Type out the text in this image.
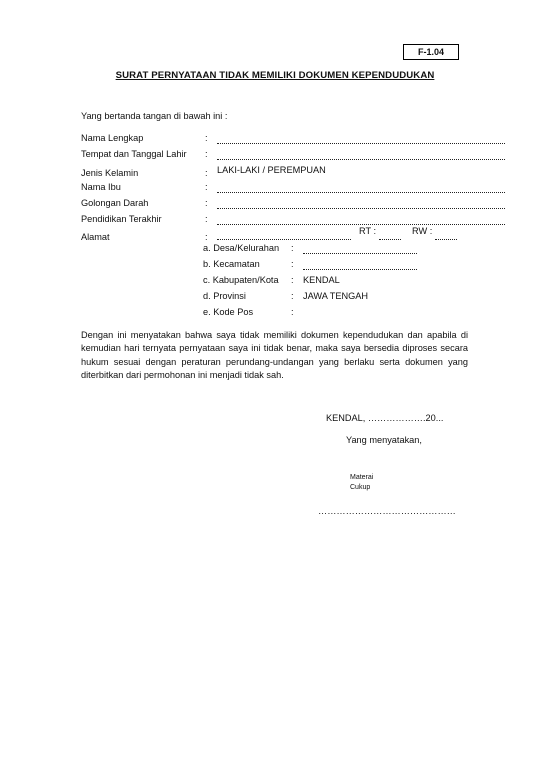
F-1.04
SURAT PERNYATAAN TIDAK MEMILIKI DOKUMEN KEPENDUDUKAN
Yang bertanda tangan di bawah ini :
Nama Lengkap	:
Tempat dan Tanggal Lahir :
Jenis Kelamin	: LAKI-LAKI / PEREMPUAN
Nama Ibu	:
Golongan Darah	:
Pendidikan Terakhir	:
Alamat	:
RT :	RW :
a. Desa/Kelurahan :
b. Kecamatan	:
c. Kabupaten/Kota : KENDAL
d. Provinsi	: JAWA TENGAH
e. Kode Pos	:
Dengan ini menyatakan bahwa saya tidak memiliki dokumen kependudukan dan apabila di kemudian hari ternyata pernyataan saya ini tidak benar, maka saya bersedia diproses secara hukum sesuai dengan peraturan perundang-undangan yang berlaku serta dokumen yang diterbitkan dari permohonan ini menjadi tidak sah.
KENDAL, ……………….20...
Yang menyatakan,
Materai
Cukup
………………………………………
